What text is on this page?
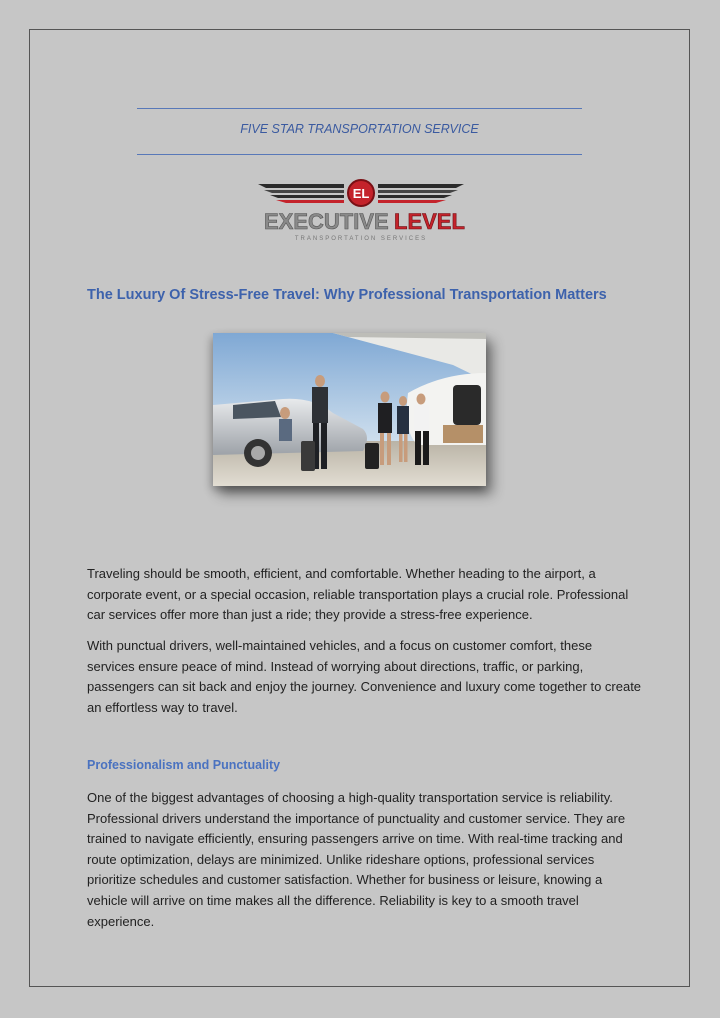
FIVE STAR TRANSPORTATION SERVICE
EL
EXECUTIVE LEVEL
TRANSPORTATION SERVICES
The Luxury Of Stress-Free Travel: Why Professional Transportation Matters

Traveling should be smooth, efficient, and comfortable. Whether heading to the airport, a corporate event, or a special occasion, reliable transportation plays a crucial role. Professional car services offer more than just a ride; they provide a stress-free experience.

With punctual drivers, well-maintained vehicles, and a focus on customer comfort, these services ensure peace of mind. Instead of worrying about directions, traffic, or parking, passengers can sit back and enjoy the journey. Convenience and luxury come together to create an effortless way to travel.

Professionalism and Punctuality

One of the biggest advantages of choosing a high-quality transportation service is reliability. Professional drivers understand the importance of punctuality and customer service. They are trained to navigate efficiently, ensuring passengers arrive on time. With real-time tracking and route optimization, delays are minimized. Unlike rideshare options, professional services prioritize schedules and customer satisfaction. Whether for business or leisure, knowing a vehicle will arrive on time makes all the difference. Reliability is key to a smooth travel experience.
